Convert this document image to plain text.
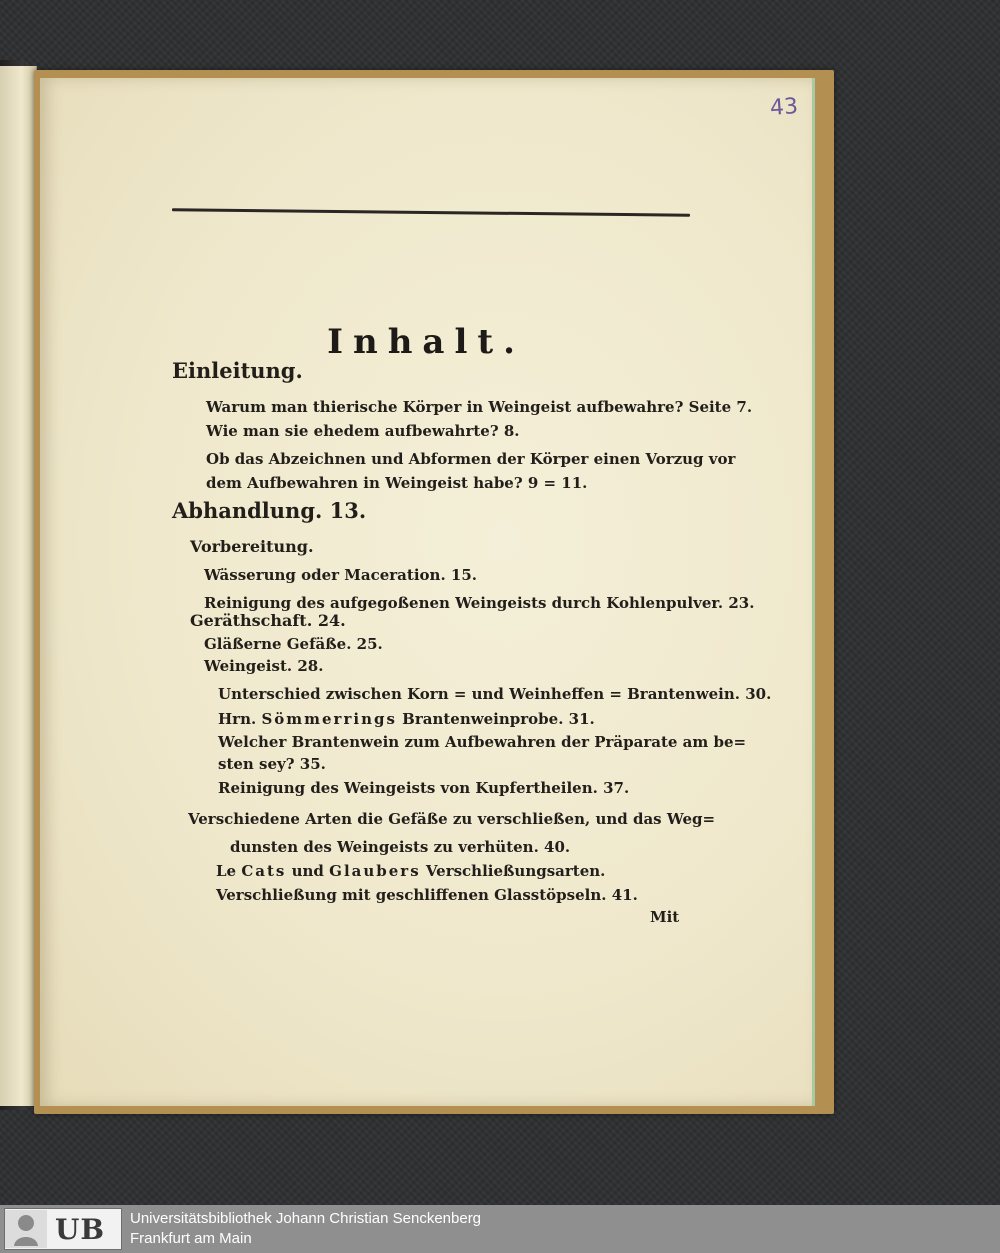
43
Inhalt.
Einleitung.
Warum man thierische Körper in Weingeist aufbewahre? Seite 7.
Wie man sie ehedem aufbewahrte? 8.
Ob das Abzeichnen und Abformen der Körper einen Vorzug vor
dem Aufbewahren in Weingeist habe? 9 = 11.
Abhandlung. 13.
Vorbereitung.
Wässerung oder Maceration. 15.
Reinigung des aufgegoßenen Weingeists durch Kohlenpulver. 23.
Geräthschaft. 24.
Gläßerne Gefäße. 25.
Weingeist. 28.
Unterschied zwischen Korn = und Weinheffen = Brantenwein. 30.
Hrn. Sömmerrings Brantenweinprobe. 31.
Welcher Brantenwein zum Aufbewahren der Präparate am be=
sten sey? 35.
Reinigung des Weingeists von Kupfertheilen. 37.
Verschiedene Arten die Gefäße zu verschließen, und das Weg=
dunsten des Weingeists zu verhüten. 40.
Le Cats und Glaubers Verschließungsarten.
Verschließung mit geschliffenen Glasstöpseln. 41.
Mit
UB Universitätsbibliothek Johann Christian Senckenberg
Frankfurt am Main
